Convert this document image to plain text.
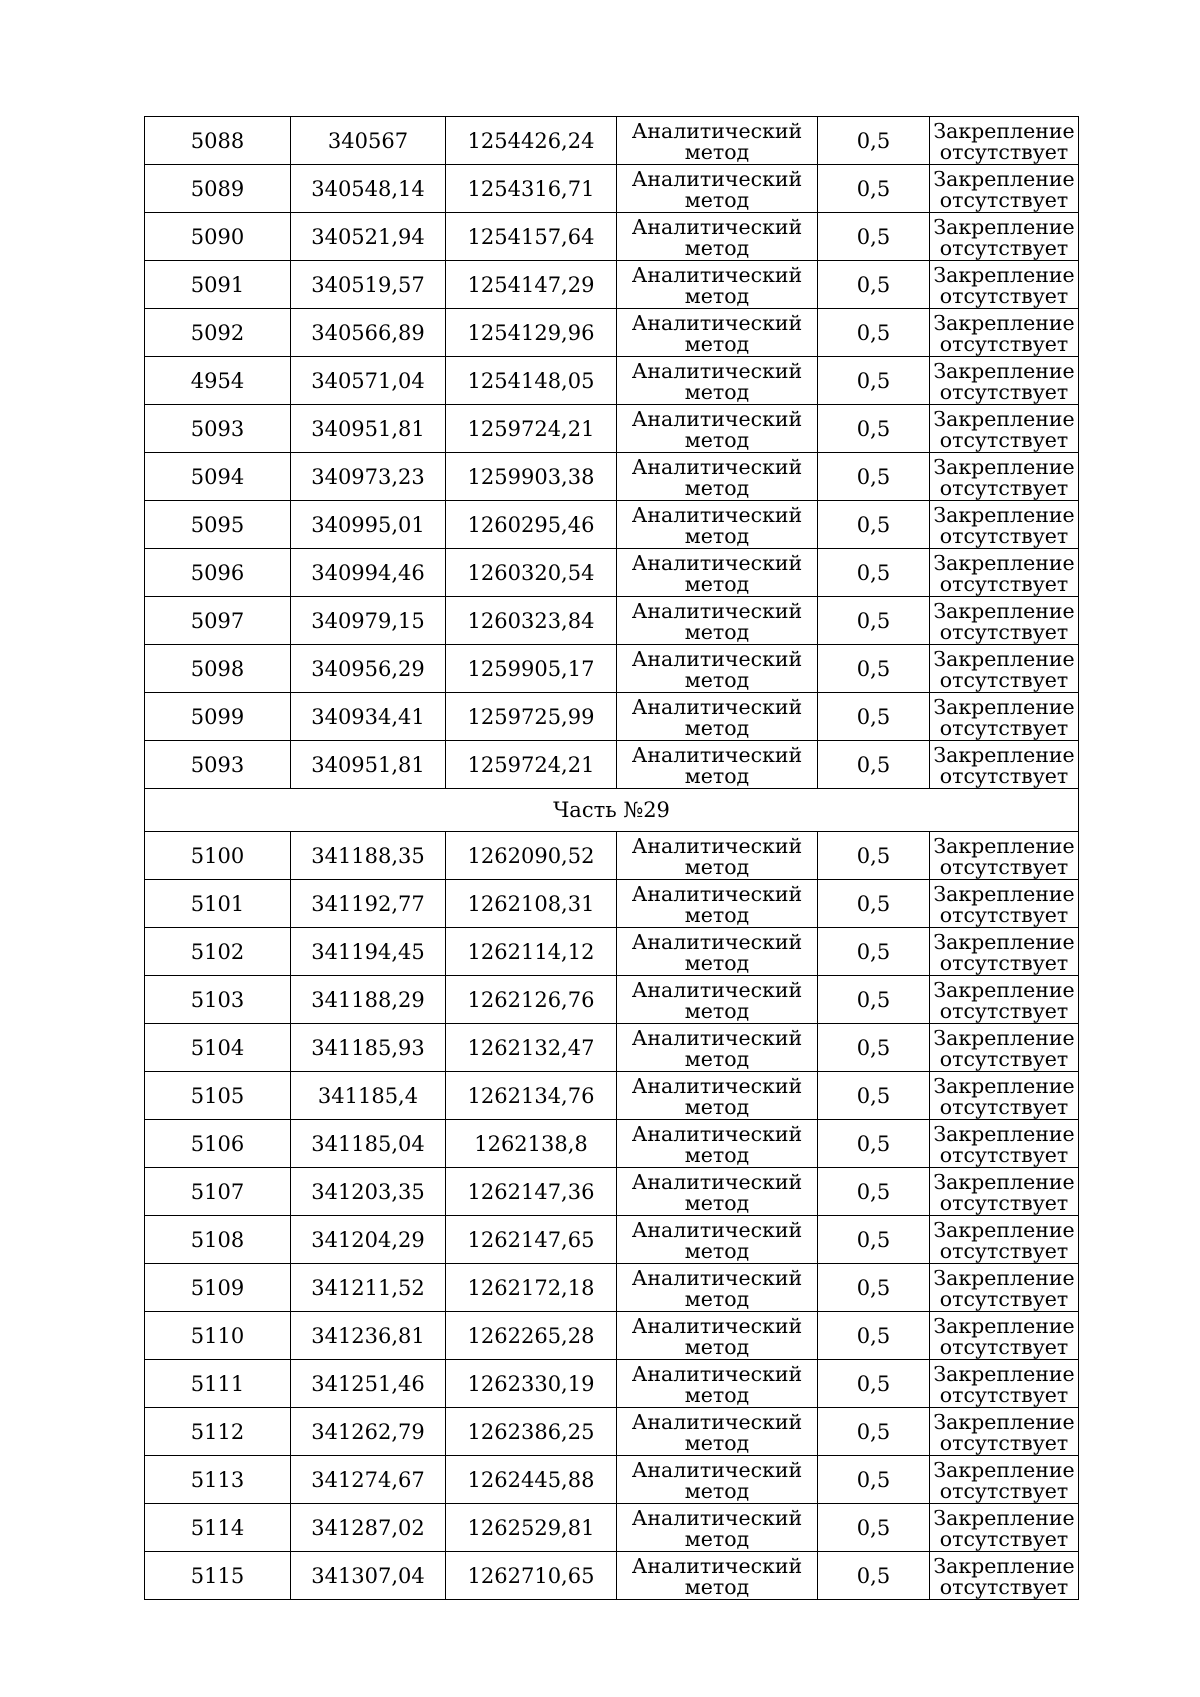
5088	340567	1254426,24	Аналитический метод	0,5	Закрепление отсутствует
5089	340548,14	1254316,71	Аналитический метод	0,5	Закрепление отсутствует
5090	340521,94	1254157,64	Аналитический метод	0,5	Закрепление отсутствует
5091	340519,57	1254147,29	Аналитический метод	0,5	Закрепление отсутствует
5092	340566,89	1254129,96	Аналитический метод	0,5	Закрепление отсутствует
4954	340571,04	1254148,05	Аналитический метод	0,5	Закрепление отсутствует
5093	340951,81	1259724,21	Аналитический метод	0,5	Закрепление отсутствует
5094	340973,23	1259903,38	Аналитический метод	0,5	Закрепление отсутствует
5095	340995,01	1260295,46	Аналитический метод	0,5	Закрепление отсутствует
5096	340994,46	1260320,54	Аналитический метод	0,5	Закрепление отсутствует
5097	340979,15	1260323,84	Аналитический метод	0,5	Закрепление отсутствует
5098	340956,29	1259905,17	Аналитический метод	0,5	Закрепление отсутствует
5099	340934,41	1259725,99	Аналитический метод	0,5	Закрепление отсутствует
5093	340951,81	1259724,21	Аналитический метод	0,5	Закрепление отсутствует
Часть №29					
5100	341188,35	1262090,52	Аналитический метод	0,5	Закрепление отсутствует
5101	341192,77	1262108,31	Аналитический метод	0,5	Закрепление отсутствует
5102	341194,45	1262114,12	Аналитический метод	0,5	Закрепление отсутствует
5103	341188,29	1262126,76	Аналитический метод	0,5	Закрепление отсутствует
5104	341185,93	1262132,47	Аналитический метод	0,5	Закрепление отсутствует
5105	341185,4	1262134,76	Аналитический метод	0,5	Закрепление отсутствует
5106	341185,04	1262138,8	Аналитический метод	0,5	Закрепление отсутствует
5107	341203,35	1262147,36	Аналитический метод	0,5	Закрепление отсутствует
5108	341204,29	1262147,65	Аналитический метод	0,5	Закрепление отсутствует
5109	341211,52	1262172,18	Аналитический метод	0,5	Закрепление отсутствует
5110	341236,81	1262265,28	Аналитический метод	0,5	Закрепление отсутствует
5111	341251,46	1262330,19	Аналитический метод	0,5	Закрепление отсутствует
5112	341262,79	1262386,25	Аналитический метод	0,5	Закрепление отсутствует
5113	341274,67	1262445,88	Аналитический метод	0,5	Закрепление отсутствует
5114	341287,02	1262529,81	Аналитический метод	0,5	Закрепление отсутствует
5115	341307,04	1262710,65	Аналитический метод	0,5	Закрепление отсутствует
